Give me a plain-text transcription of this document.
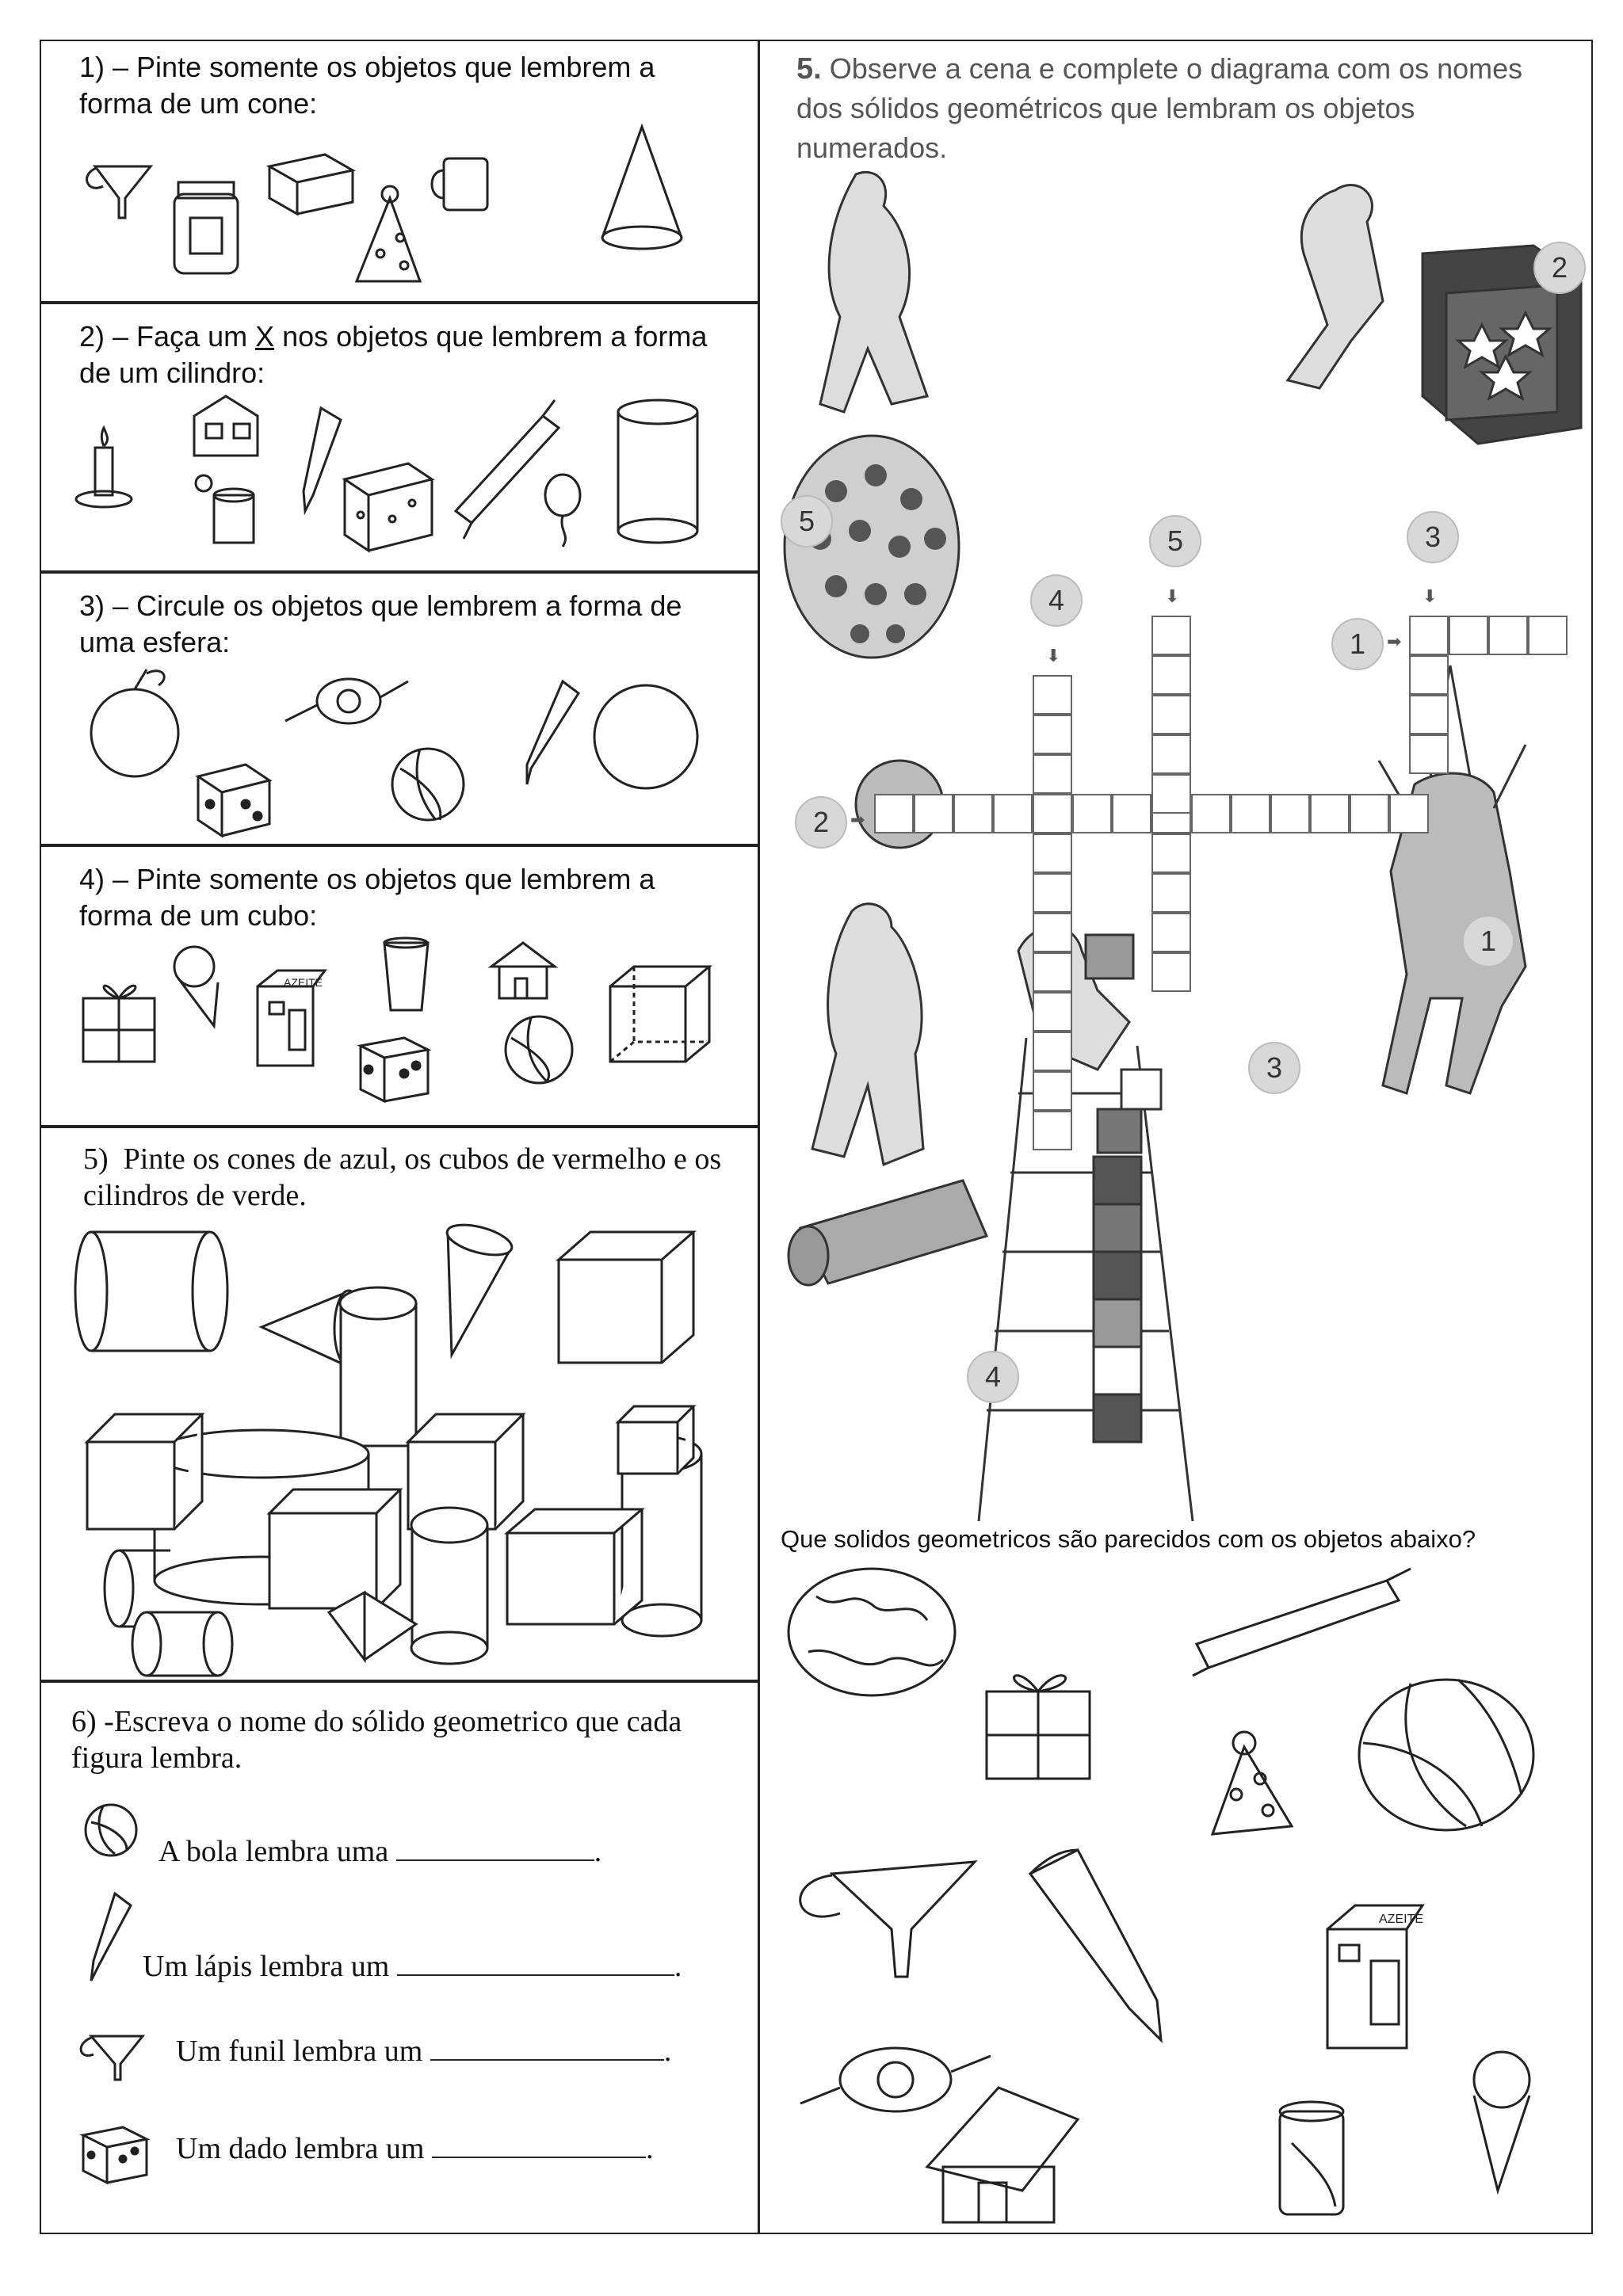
1) – Pinte somente os objetos que lembrem a forma de um cone:
2) – Faça um X nos objetos que lembrem a forma de um cilindro:
3) – Circule os objetos que lembrem a forma de uma esfera:
4) – Pinte somente os objetos que lembrem a forma de um cubo:
AZEITE
5) Pinte os cones de azul, os cubos de vermelho e os cilindros de verde.
6) -Escreva o nome do sólido geometrico que cada figura lembra.
A bola lembra uma	.
Um lápis lembra um	.
Um funil lembra um	.
Um dado lembra um	.
5. Observe a cena e complete o diagrama com os nomes dos sólidos geométricos que lembram os objetos numerados.
5
2
3
4
5
1
2
1
3
4
⬇
⬇	⬇
➡
➡
Que solidos geometricos são parecidos com os objetos abaixo?
AZEITE
